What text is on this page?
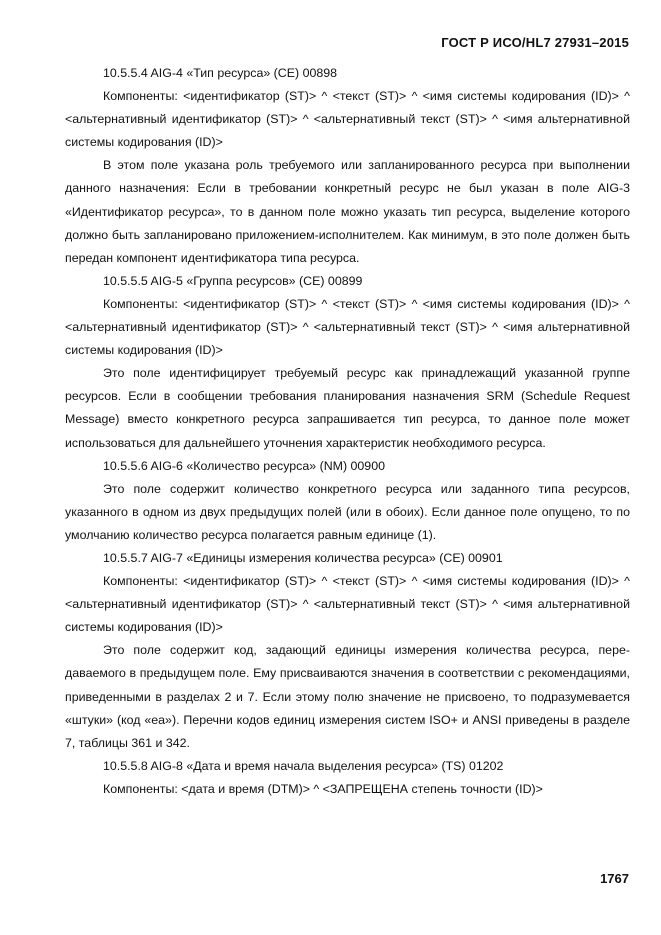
ГОСТ Р ИСО/HL7 27931–2015

10.5.5.4 AIG-4 «Тип ресурса» (CE) 00898

Компоненты: <идентификатор (ST)> ^ <текст (ST)> ^ <имя системы кодирования (ID)> ^ <альтернативный идентификатор (ST)> ^ <альтернативный текст (ST)> ^ <имя альтернативной системы кодирования (ID)>

В этом поле указана роль требуемого или запланированного ресурса при выполнении данного назначения: Если в требовании конкретный ресурс не был указан в поле AIG-3 «Идентификатор ресурса», то в данном поле можно указать тип ресурса, выделение которого должно быть запланировано приложением-исполнителем. Как минимум, в это поле должен быть передан компонент идентификатора типа ресурса.

10.5.5.5 AIG-5 «Группа ресурсов» (CE) 00899

Компоненты: <идентификатор (ST)> ^ <текст (ST)> ^ <имя системы кодирования (ID)> ^ <альтернативный идентификатор (ST)> ^ <альтернативный текст (ST)> ^ <имя альтернативной системы кодирования (ID)>

Это поле идентифицирует требуемый ресурс как принадлежащий указанной группе ресурсов. Если в сообщении требования планирования назначения SRM (Schedule Request Message) вместо конкретного ресурса запрашивается тип ресурса, то данное поле может использоваться для дальнейшего уточнения характеристик необходимого ресурса.

10.5.5.6 AIG-6 «Количество ресурса» (NM) 00900

Это поле содержит количество конкретного ресурса или заданного типа ресурсов, указанного в одном из двух предыдущих полей (или в обоих). Если данное поле опущено, то по умолчанию количество ресурса полагается равным единице (1).

10.5.5.7 AIG-7 «Единицы измерения количества ресурса» (CE) 00901

Компоненты: <идентификатор (ST)> ^ <текст (ST)> ^ <имя системы кодирования (ID)> ^ <альтернативный идентификатор (ST)> ^ <альтернативный текст (ST)> ^ <имя альтернативной системы кодирования (ID)>

Это поле содержит код, задающий единицы измерения количества ресурса, передаваемого в предыдущем поле. Ему присваиваются значения в соответствии с рекомендациями, приведенными в разделах 2 и 7. Если этому полю значение не присвоено, то подразумевается «штуки» (код «ea»). Перечни кодов единиц измерения систем ISO+ и ANSI приведены в разделе 7, таблицы 361 и 342.

10.5.5.8 AIG-8 «Дата и время начала выделения ресурса» (TS) 01202

Компоненты: <дата и время (DTM)> ^ <ЗАПРЕЩЕНА степень точности (ID)>

1767
